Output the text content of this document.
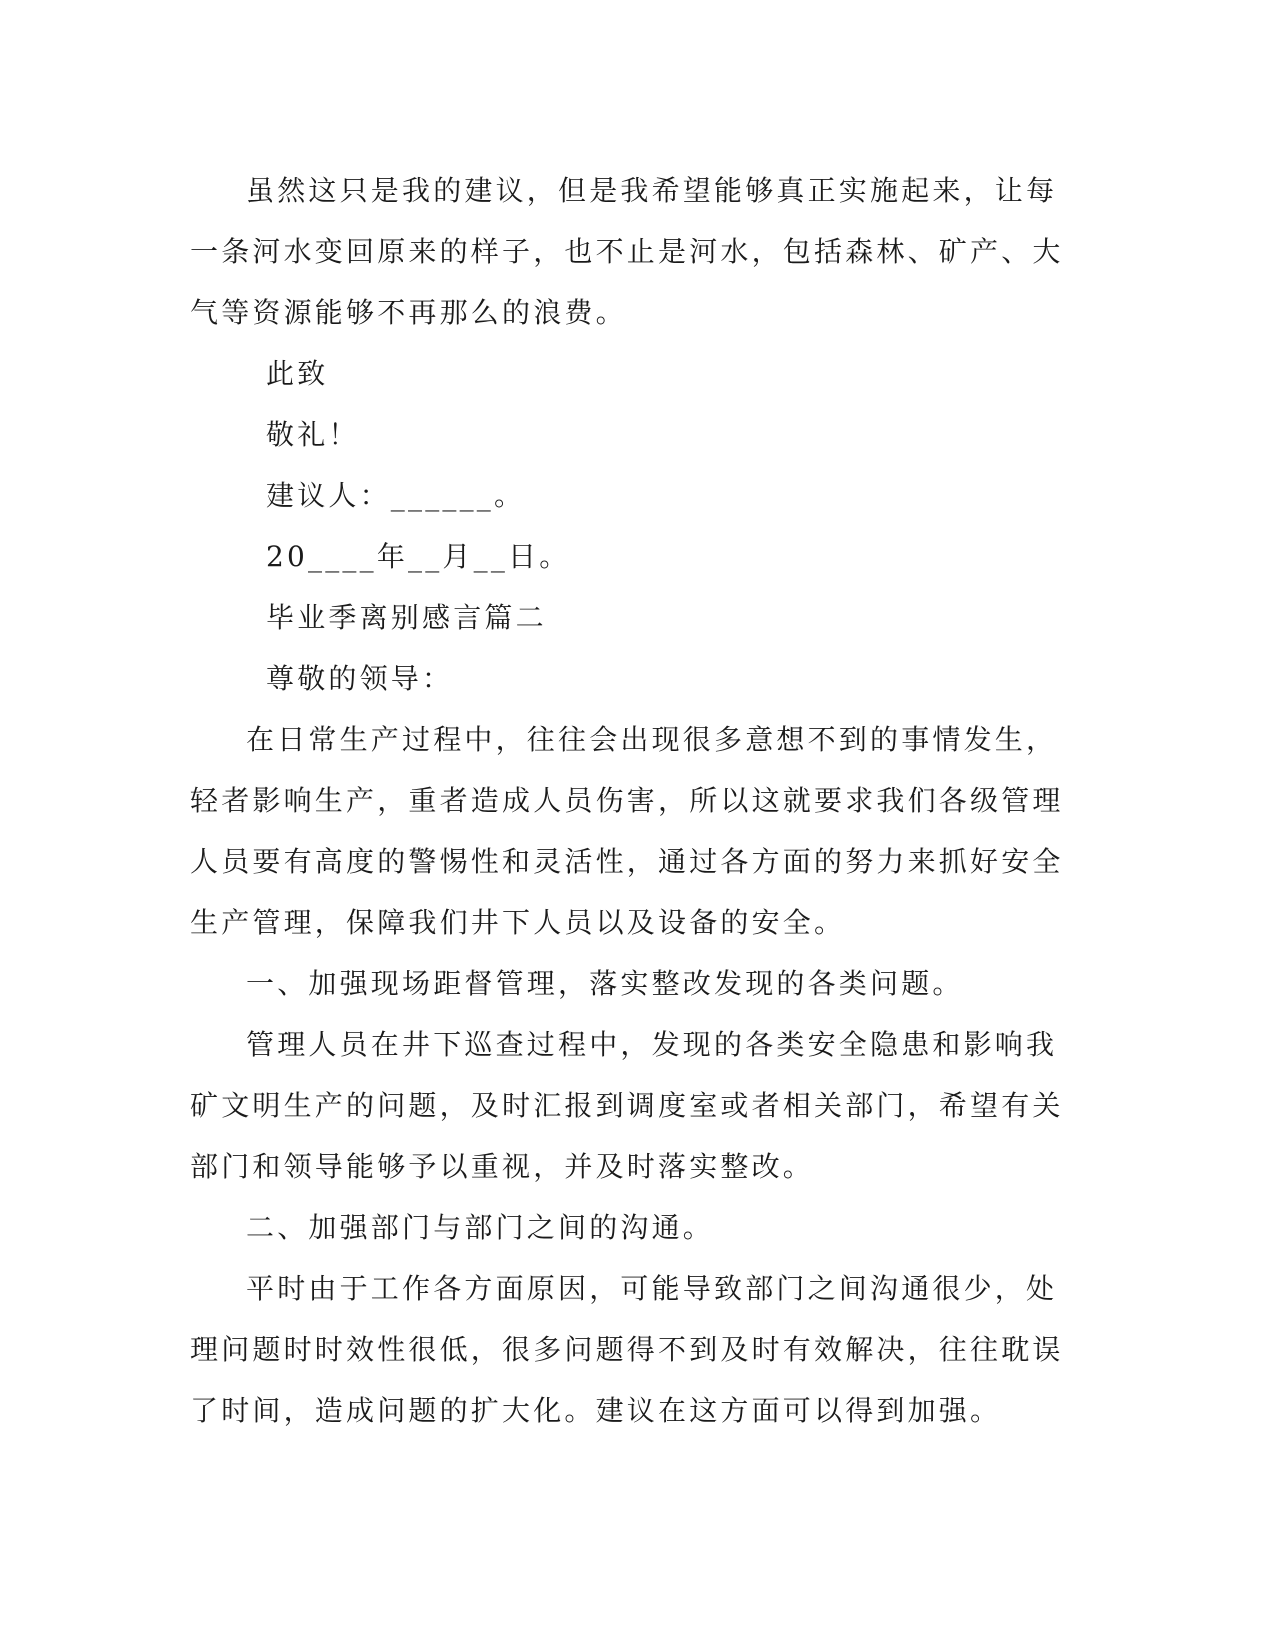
虽然这只是我的建议，但是我希望能够真正实施起来，让每一条河水变回原来的样子，也不止是河水，包括森林、矿产、大气等资源能够不再那么的浪费。

此致

敬礼！

建议人：______。

20____年__月__日。

毕业季离别感言篇二

尊敬的领导：

在日常生产过程中，往往会出现很多意想不到的事情发生，轻者影响生产，重者造成人员伤害，所以这就要求我们各级管理人员要有高度的警惕性和灵活性，通过各方面的努力来抓好安全生产管理，保障我们井下人员以及设备的安全。

一、加强现场距督管理，落实整改发现的各类问题。

管理人员在井下巡查过程中，发现的各类安全隐患和影响我矿文明生产的问题，及时汇报到调度室或者相关部门，希望有关部门和领导能够予以重视，并及时落实整改。

二、加强部门与部门之间的沟通。

平时由于工作各方面原因，可能导致部门之间沟通很少，处理问题时时效性很低，很多问题得不到及时有效解决，往往耽误了时间，造成问题的扩大化。建议在这方面可以得到加强。
